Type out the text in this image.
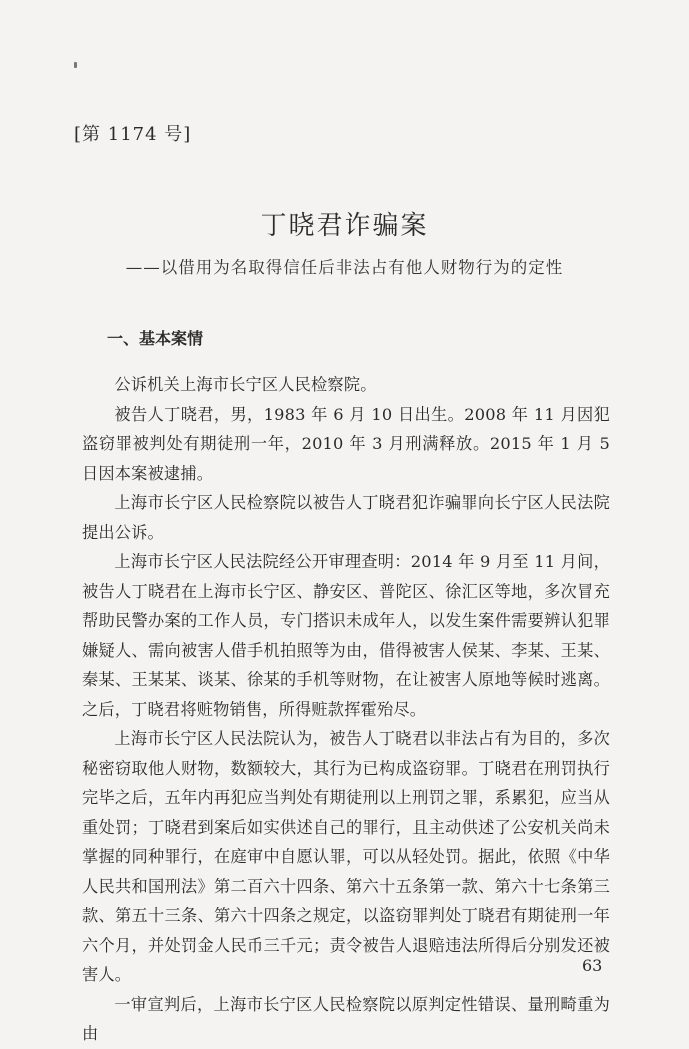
[第 1174 号]
丁晓君诈骗案
——以借用为名取得信任后非法占有他人财物行为的定性
一、基本案情

公诉机关上海市长宁区人民检察院。

被告人丁晓君，男，1983 年 6 月 10 日出生。2008 年 11 月因犯盗窃罪被判处有期徒刑一年，2010 年 3 月刑满释放。2015 年 1 月 5 日因本案被逮捕。

上海市长宁区人民检察院以被告人丁晓君犯诈骗罪向长宁区人民法院提出公诉。

上海市长宁区人民法院经公开审理查明：2014 年 9 月至 11 月间，被告人丁晓君在上海市长宁区、静安区、普陀区、徐汇区等地，多次冒充帮助民警办案的工作人员，专门搭识未成年人，以发生案件需要辨认犯罪嫌疑人、需向被害人借手机拍照等为由，借得被害人侯某、李某、王某、秦某、王某某、谈某、徐某的手机等财物，在让被害人原地等候时逃离。之后，丁晓君将赃物销售，所得赃款挥霍殆尽。

上海市长宁区人民法院认为，被告人丁晓君以非法占有为目的，多次秘密窃取他人财物，数额较大，其行为已构成盗窃罪。丁晓君在刑罚执行完毕之后，五年内再犯应当判处有期徒刑以上刑罚之罪，系累犯，应当从重处罚；丁晓君到案后如实供述自己的罪行，且主动供述了公安机关尚未掌握的同种罪行，在庭审中自愿认罪，可以从轻处罚。据此，依照《中华人民共和国刑法》第二百六十四条、第六十五条第一款、第六十七条第三款、第五十三条、第六十四条之规定，以盗窃罪判处丁晓君有期徒刑一年六个月，并处罚金人民币三千元；责令被告人退赔违法所得后分别发还被害人。

一审宣判后，上海市长宁区人民检察院以原判定性错误、量刑畸重为由

63
